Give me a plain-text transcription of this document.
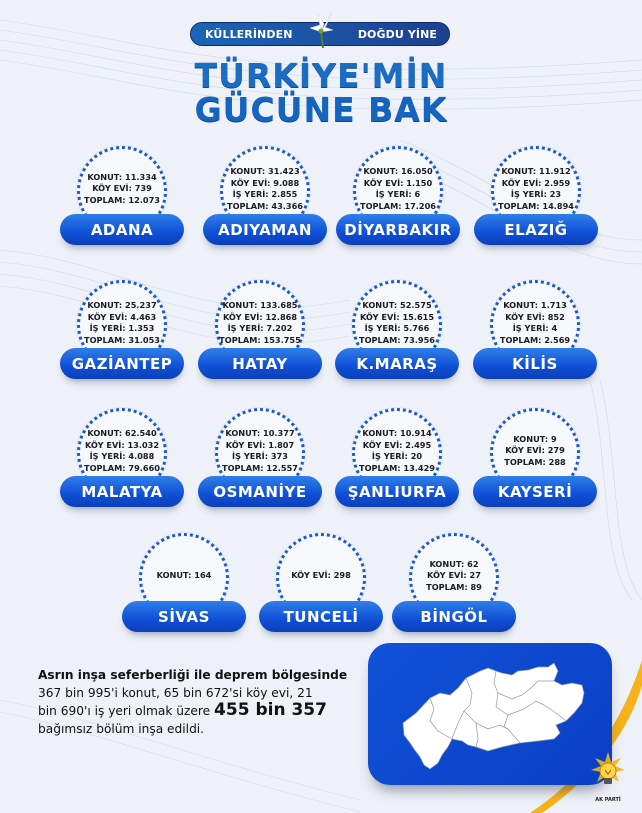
KÜLLERİNDEN	DOĞDU YİNE
TÜRKİYE'MİN
GÜCÜNE BAK
KONUT: 11.334
KÖY EVİ: 739
TOPLAM: 12.073
ADANA
KONUT: 31.423
KÖY EVİ: 9.088
İŞ YERİ: 2.855
TOPLAM: 43.366
ADIYAMAN
KONUT: 16.050
KÖY EVİ: 1.150
İŞ YERİ: 6
TOPLAM: 17.206
DİYARBAKIR
KONUT: 11.912
KÖY EVİ: 2.959
İŞ YERİ: 23
TOPLAM: 14.894
ELAZIĞ
KONUT: 25.237
KÖY EVİ: 4.463
İŞ YERİ: 1.353
TOPLAM: 31.053
GAZİANTEP
KONUT: 133.685
KÖY EVİ: 12.868
İŞ YERİ: 7.202
TOPLAM: 153.755
HATAY
KONUT: 52.575
KÖY EVİ: 15.615
İŞ YERİ: 5.766
TOPLAM: 73.956
K.MARAŞ
KONUT: 1.713
KÖY EVİ: 852
İŞ YERİ: 4
TOPLAM: 2.569
KİLİS
KONUT: 62.540
KÖY EVİ: 13.032
İŞ YERİ: 4.088
TOPLAM: 79.660
MALATYA
KONUT: 10.377
KÖY EVİ: 1.807
İŞ YERİ: 373
TOPLAM: 12.557
OSMANİYE
KONUT: 10.914
KÖY EVİ: 2.495
İŞ YERİ: 20
TOPLAM: 13.429
ŞANLIURFA
KONUT: 9
KÖY EVİ: 279
TOPLAM: 288
KAYSERİ
KONUT: 164
SİVAS
KÖY EVİ: 298
TUNCELİ
KONUT: 62
KÖY EVİ: 27
TOPLAM: 89
BİNGÖL
Asrın inşa seferberliği ile deprem bölgesinde
367 bin 995'i konut, 65 bin 672'si köy evi, 21
bin 690'ı iş yeri olmak üzere 455 bin 357
bağımsız bölüm inşa edildi.
AK PARTİ
